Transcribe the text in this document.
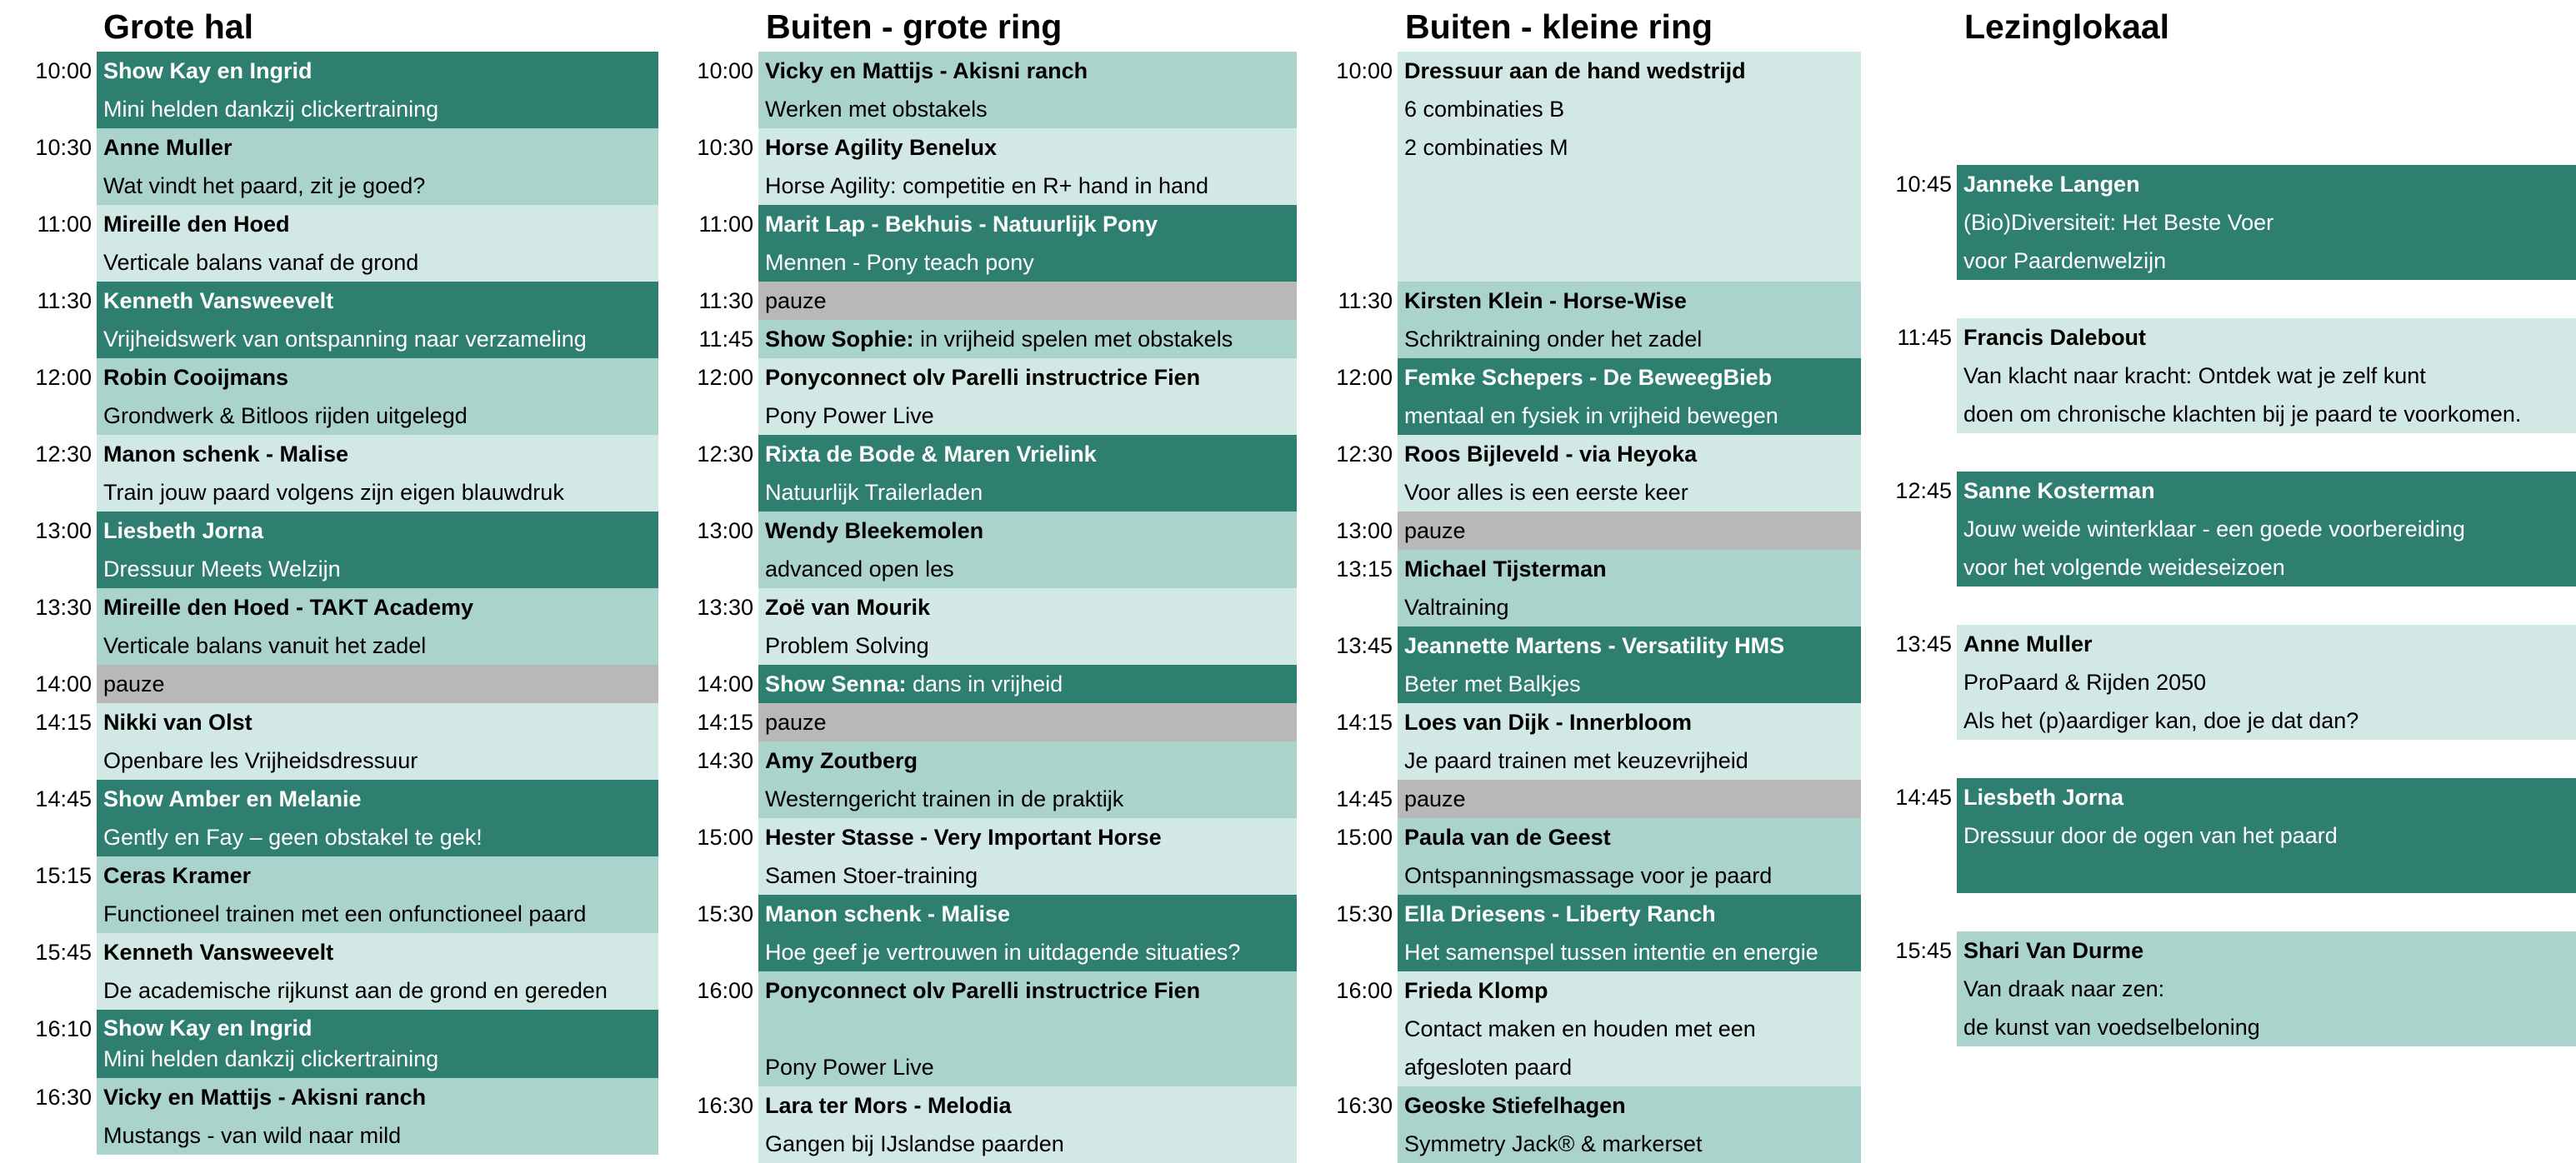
Grote hal
10:00 Show Kay en Ingrid
Mini helden dankzij clickertraining
10:30 Anne Muller
Wat vindt het paard, zit je goed?
11:00 Mireille den Hoed
Verticale balans vanaf de grond
11:30 Kenneth Vansweevelt
Vrijheidswerk van ontspanning naar verzameling
12:00 Robin Cooijmans
Grondwerk & Bitloos rijden uitgelegd
12:30 Manon schenk - Malise
Train jouw paard volgens zijn eigen blauwdruk
13:00 Liesbeth Jorna
Dressuur Meets Welzijn
13:30 Mireille den Hoed - TAKT Academy
Verticale balans vanuit het zadel
14:00 pauze
14:15 Nikki van Olst
Openbare les Vrijheidsdressuur
14:45 Show Amber en Melanie
Gently en Fay – geen obstakel te gek!
15:15 Ceras Kramer
Functioneel trainen met een onfunctioneel paard
15:45 Kenneth Vansweevelt
De academische rijkunst aan de grond en gereden
16:10 Show Kay en Ingrid
Mini helden dankzij clickertraining
16:30 Vicky en Mattijs - Akisni ranch
Mustangs - van wild naar mild
Buiten - grote ring
10:00 Vicky en Mattijs - Akisni ranch
Werken met obstakels
10:30 Horse Agility Benelux
Horse Agility: competitie en R+ hand in hand
11:00 Marit Lap - Bekhuis - Natuurlijk Pony
Mennen - Pony teach pony
11:30 pauze
11:45 Show Sophie: in vrijheid spelen met obstakels
12:00 Ponyconnect olv Parelli instructrice Fien
Pony Power Live
12:30 Rixta de Bode & Maren Vrielink
Natuurlijk Trailerladen
13:00 Wendy Bleekemolen
advanced open les
13:30 Zoë van Mourik
Problem Solving
14:00 Show Senna: dans in vrijheid
14:15 pauze
14:30 Amy Zoutberg
Westerngericht trainen in de praktijk
15:00 Hester Stasse - Very Important Horse
Samen Stoer-training
15:30 Manon schenk - Malise
Hoe geef je vertrouwen in uitdagende situaties?
16:00 Ponyconnect olv Parelli instructrice Fien
Pony Power Live
16:30 Lara ter Mors - Melodia
Gangen bij IJslandse paarden
Buiten - kleine ring
10:00 Dressuur aan de hand wedstrijd
6 combinaties B
2 combinaties M
11:30 Kirsten Klein - Horse-Wise
Schriktraining onder het zadel
12:00 Femke Schepers - De BeweegBieb
mentaal en fysiek in vrijheid bewegen
12:30 Roos Bijleveld - via Heyoka
Voor alles is een eerste keer
13:00 pauze
13:15 Michael Tijsterman
Valtraining
13:45 Jeannette Martens - Versatility HMS
Beter met Balkjes
14:15 Loes van Dijk - Innerbloom
Je paard trainen met keuzevrijheid
14:45 pauze
15:00 Paula van de Geest
Ontspanningsmassage voor je paard
15:30 Ella Driesens - Liberty Ranch
Het samenspel tussen intentie en energie
16:00 Frieda Klomp
Contact maken en houden met een
afgesloten paard
16:30 Geoske Stiefelhagen
Symmetry Jack® & markerset
Lezinglokaal
10:45 Janneke Langen
(Bio)Diversiteit: Het Beste Voer
voor Paardenwelzijn
11:45 Francis Dalebout
Van klacht naar kracht: Ontdek wat je zelf kunt
doen om chronische klachten bij je paard te voorkomen.
12:45 Sanne Kosterman
Jouw weide winterklaar - een goede voorbereiding
voor het volgende weideseizoen
13:45 Anne Muller
ProPaard & Rijden 2050
Als het (p)aardiger kan, doe je dat dan?
14:45 Liesbeth Jorna
Dressuur door de ogen van het paard
15:45 Shari Van Durme
Van draak naar zen:
de kunst van voedselbeloning
